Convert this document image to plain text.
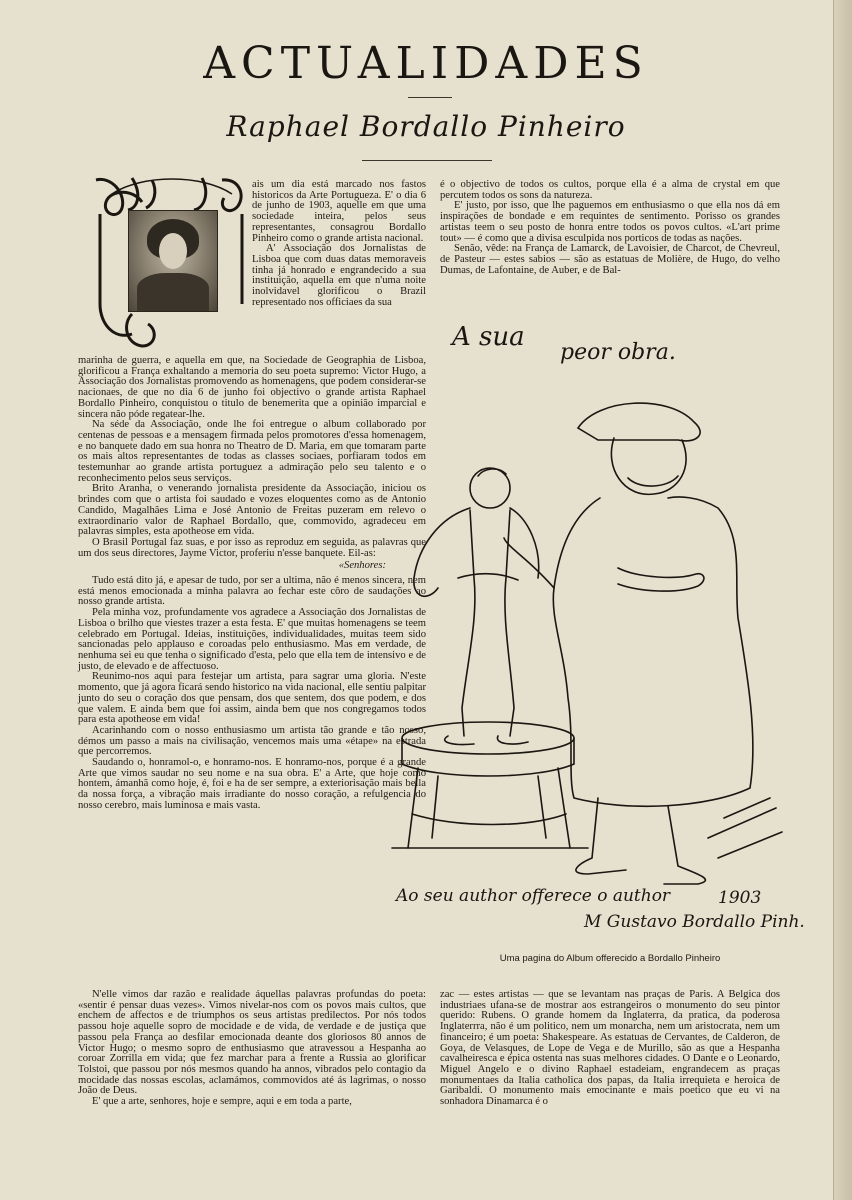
ACTUALIDADES
Raphael Bordallo Pinheiro

ais um dia está marcado nos fastos historicos da Arte Portugueza. E' o dia 6 de junho de 1903, aquelle em que uma sociedade inteira, pelos seus representantes, consagrou Bordallo Pinheiro como o grande artista nacional.

A' Associação dos Jornalistas de Lisboa que com duas datas memoraveis tinha já honrado e engrandecido a sua instituição, aquella em que n'uma noite inolvidavel glorificou o Brazil representado nos officiaes da sua

marinha de guerra, e aquella em que, na Sociedade de Geographia de Lisboa, glorificou a França exhaltando a memoria do seu poeta supremo: Victor Hugo, a Associação dos Jornalistas promovendo as homenagens, que podem considerar-se nacionaes, de que no dia 6 de junho foi objectivo o grande artista Raphael Bordallo Pinheiro, conquistou o titulo de benemerita que a opinião imparcial e sincera não póde regatear-lhe.

Na séde da Associação, onde lhe foi entregue o album collaborado por centenas de pessoas e a mensagem firmada pelos promotores d'essa homenagem, e no banquete dado em sua honra no Theatro de D. Maria, em que tomaram parte os mais altos representantes de todas as classes sociaes, porfiaram todos em testemunhar ao grande artista portuguez a admiração pelo seu talento e o reconhecimento pelos seus serviços.

Brito Aranha, o venerando jornalista presidente da Associação, iniciou os brindes com que o artista foi saudado e vozes eloquentes como as de Antonio Candido, Magalhães Lima e José Antonio de Freitas puzeram em relevo o extraordinario valor de Raphael Bordallo, que, commovido, agradeceu em palavras simples, esta apotheose em vida.

O Brasil Portugal faz suas, e por isso as reproduz em seguida, as palavras que um dos seus directores, Jayme Victor, proferiu n'esse banquete. Eil-as:

«Senhores:

Tudo está dito já, e apesar de tudo, por ser a ultima, não é menos sincera, nem está menos emocionada a minha palavra ao fechar este côro de saudações ao nosso grande artista.

Pela minha voz, profundamente vos agradece a Associação dos Jornalistas de Lisboa o brilho que viestes trazer a esta festa. E' que muitas homenagens se teem celebrado em Portugal. Ideias, instituições, individualidades, muitas teem sido sancionadas pelo applauso e coroadas pelo enthusiasmo. Mas em verdade, de nenhuma sei eu que tenha o significado d'esta, pelo que ella tem de intensivo e de justo, de elevado e de affectuoso.

Reunimo-nos aqui para festejar um artista, para sagrar uma gloria. N'este momento, que já agora ficará sendo historico na vida nacional, elle sentiu palpitar junto do seu o coração dos que pensam, dos que sentem, dos que podem, e dos que valem. E ainda bem que foi assim, ainda bem que nos congregamos todos para esta apotheose em vida!

Acarinhando com o nosso enthusiasmo um artista tão grande e tão nosso, démos um passo a mais na civilisação, vencemos mais uma «étape» na estrada que percorremos.

Saudando o, honramol-o, e honramo-nos. E honramo-nos, porque é a grande Arte que vimos saudar no seu nome e na sua obra. E' a Arte, que hoje como hontem, ámanhã como hoje, é, foi e ha de ser sempre, a exteriorisação mais bella da nossa força, a vibração mais irradiante do nosso coração, a refulgencia do nosso cerebro, mais luminosa e mais vasta.

é o objectivo de todos os cultos, porque ella é a alma de crystal em que percutem todos os sons da natureza.

E' justo, por isso, que lhe paguemos em enthusiasmo o que ella nos dá em inspirações de bondade e em requintes de sentimento. Porisso os grandes artistas teem o seu posto de honra entre todos os povos cultos. «L'art prime tout» — é como que a divisa esculpida nos porticos de todas as nações.

Senão, vêde: na França de Lamarck, de Lavoisier, de Charcot, de Chevreul, de Pasteur — estes sabios — são as estatuas de Molière, de Hugo, do velho Dumas, de Lafontaine, de Auber, e de Bal-

A sua
peor obra.
Ao seu author offerece o author
M Gustavo Bordallo Pinh.
1903
Uma pagina do Album offerecido a Bordallo Pinheiro

N'elle vimos dar razão e realidade áquellas palavras profundas do poeta: «sentir é pensar duas vezes». Vimos nivelar-nos com os povos mais cultos, que enchem de affectos e de triumphos os seus artistas predilectos. Por nós todos passou hoje aquelle sopro de mocidade e de vida, de verdade e de justiça que passou pela França ao desfilar emocionada deante dos gloriosos 80 annos de Victor Hugo; o mesmo sopro de enthusiasmo que atravessou a Hespanha ao coroar Zorrilla em vida; que fez marchar para a frente a Russia ao glorificar Tolstoi, que passou por nós mesmos quando ha annos, vibrados pelo contagio da mocidade das nossas escolas, aclamámos, commovidos até ás lagrimas, o nosso João de Deus.

E' que a arte, senhores, hoje e sempre, aqui e em toda a parte,

zac — estes artistas — que se levantam nas praças de Paris. A Belgica dos industriaes ufana-se de mostrar aos estrangeiros o monumento do seu pintor querido: Rubens. O grande homem da Inglaterra, da pratica, da poderosa Inglaterrra, não é um politico, nem um monarcha, nem um aristocrata, nem um financeiro; é um poeta: Shakespeare. As estatuas de Cervantes, de Calderon, de Goya, de Velasques, de Lope de Vega e de Murillo, são as que a Hespanha cavalheiresca e épica ostenta nas suas melhores cidades. O Dante e o Leonardo, Miguel Angelo e o divino Raphael estadeiam, engrandecem as praças monumentaes da Italia catholica dos papas, da Italia irrequieta e heroica de Garibaldi. O monumento mais emocinante e mais poetico que eu vi na sonhadora Dinamarca é o
